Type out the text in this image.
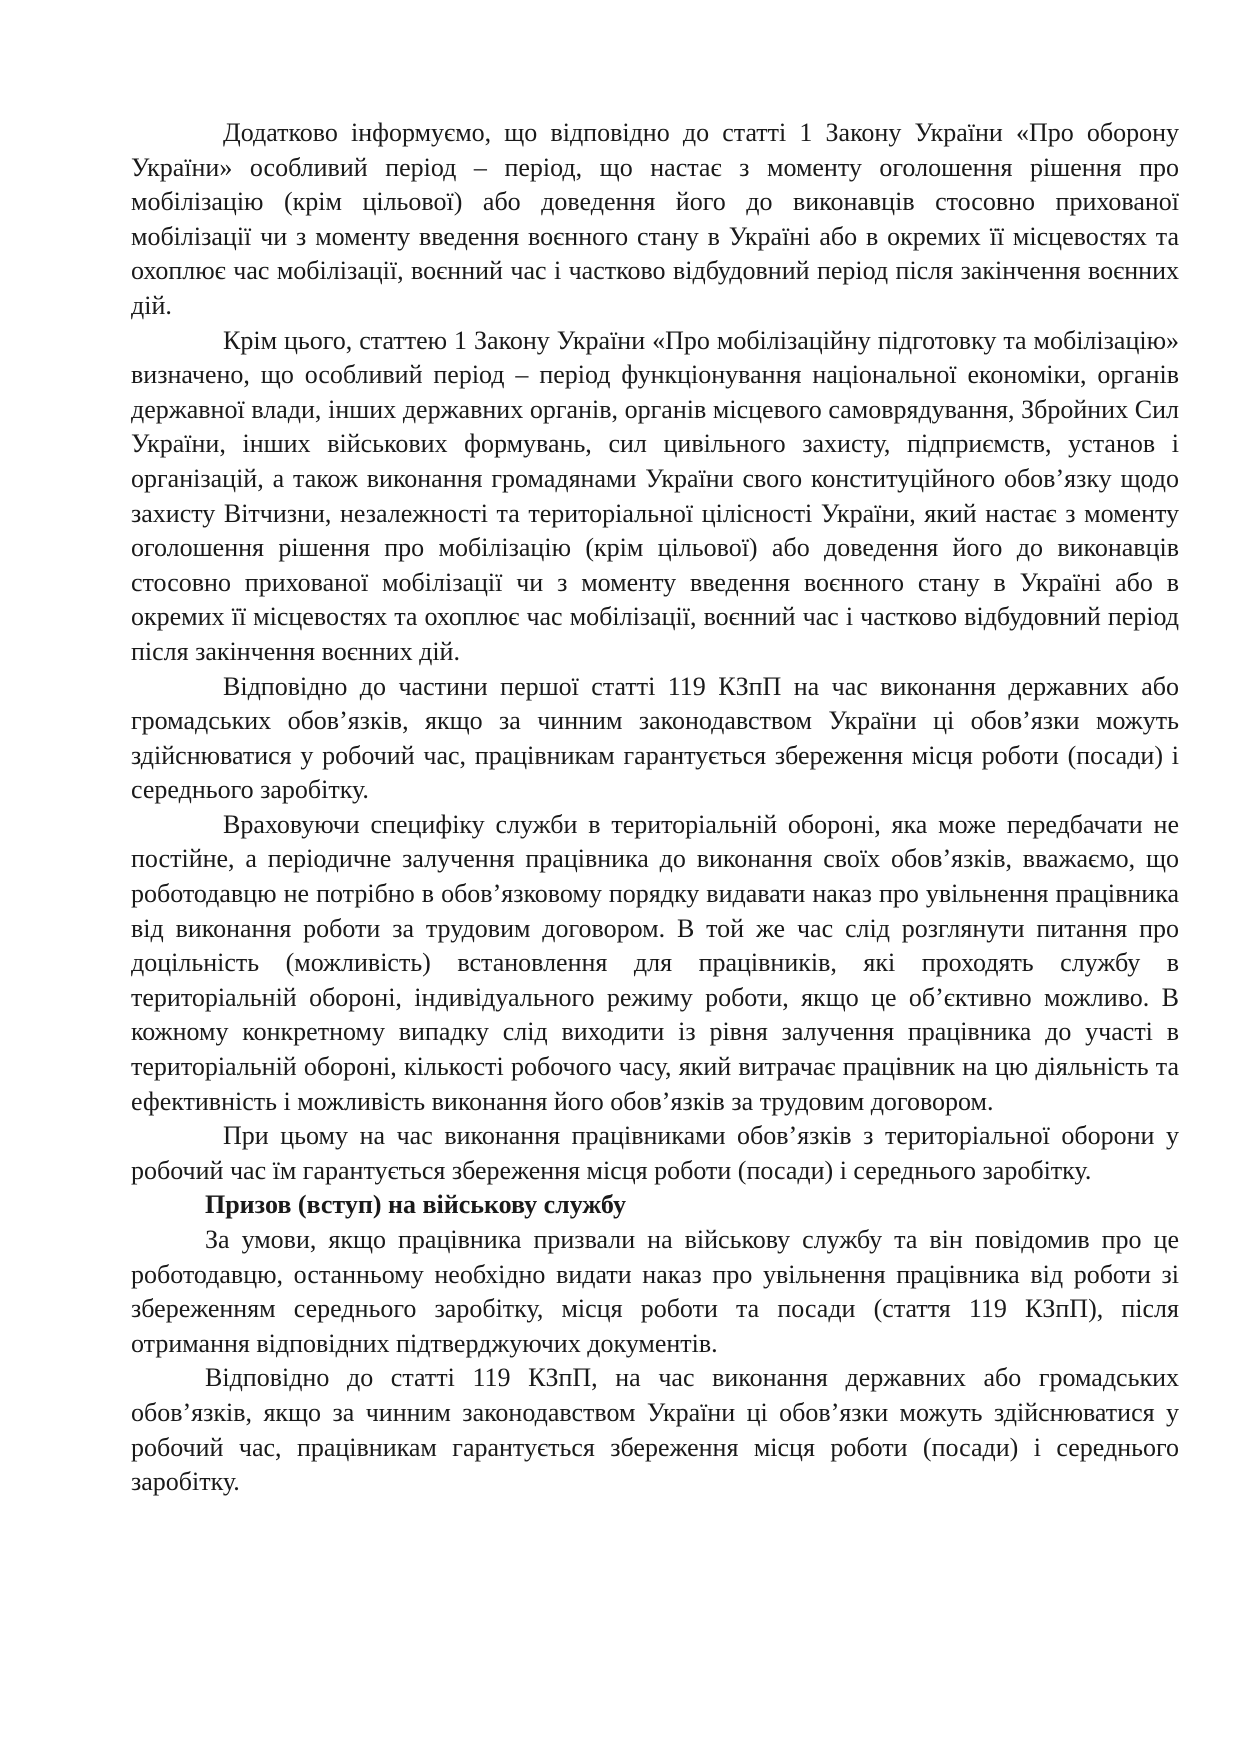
Додатково інформуємо, що відповідно до статті 1 Закону України «Про оборону України» особливий період – період, що настає з моменту оголошення рішення про мобілізацію (крім цільової) або доведення його до виконавців стосовно прихованої мобілізації чи з моменту введення воєнного стану в Україні або в окремих її місцевостях та охоплює час мобілізації, воєнний час і частково відбудовний період після закінчення воєнних дій.

Крім цього, статтею 1 Закону України «Про мобілізаційну підготовку та мобілізацію» визначено, що особливий період – період функціонування національної економіки, органів державної влади, інших державних органів, органів місцевого самоврядування, Збройних Сил України, інших військових формувань, сил цивільного захисту, підприємств, установ і організацій, а також виконання громадянами України свого конституційного обов’язку щодо захисту Вітчизни, незалежності та територіальної цілісності України, який настає з моменту оголошення рішення про мобілізацію (крім цільової) або доведення його до виконавців стосовно прихованої мобілізації чи з моменту введення воєнного стану в Україні або в окремих її місцевостях та охоплює час мобілізації, воєнний час і частково відбудовний період після закінчення воєнних дій.

Відповідно до частини першої статті 119 КЗпП на час виконання державних або громадських обов’язків, якщо за чинним законодавством України ці обов’язки можуть здійснюватися у робочий час, працівникам гарантується збереження місця роботи (посади) і середнього заробітку.

Враховуючи специфіку служби в територіальній обороні, яка може передбачати не постійне, а періодичне залучення працівника до виконання своїх обов’язків, вважаємо, що роботодавцю не потрібно в обов’язковому порядку видавати наказ про увільнення працівника від виконання роботи за трудовим договором. В той же час слід розглянути питання про доцільність (можливість) встановлення для працівників, які проходять службу в територіальній обороні, індивідуального режиму роботи, якщо це об’єктивно можливо. В кожному конкретному випадку слід виходити із рівня залучення працівника до участі в територіальній обороні, кількості робочого часу, який витрачає працівник на цю діяльність та ефективність і можливість виконання його обов’язків за трудовим договором.

При цьому на час виконання працівниками обов’язків з територіальної оборони у робочий час їм гарантується збереження місця роботи (посади) і середнього заробітку.

Призов (вступ) на військову службу

За умови, якщо працівника призвали на військову службу та він повідомив про це роботодавцю, останньому необхідно видати наказ про увільнення працівника від роботи зі збереженням середнього заробітку, місця роботи та посади (стаття 119 КЗпП), після отримання відповідних підтверджуючих документів.

Відповідно до статті 119 КЗпП, на час виконання державних або громадських обов’язків, якщо за чинним законодавством України ці обов’язки можуть здійснюватися у робочий час, працівникам гарантується збереження місця роботи (посади) і середнього заробітку.
